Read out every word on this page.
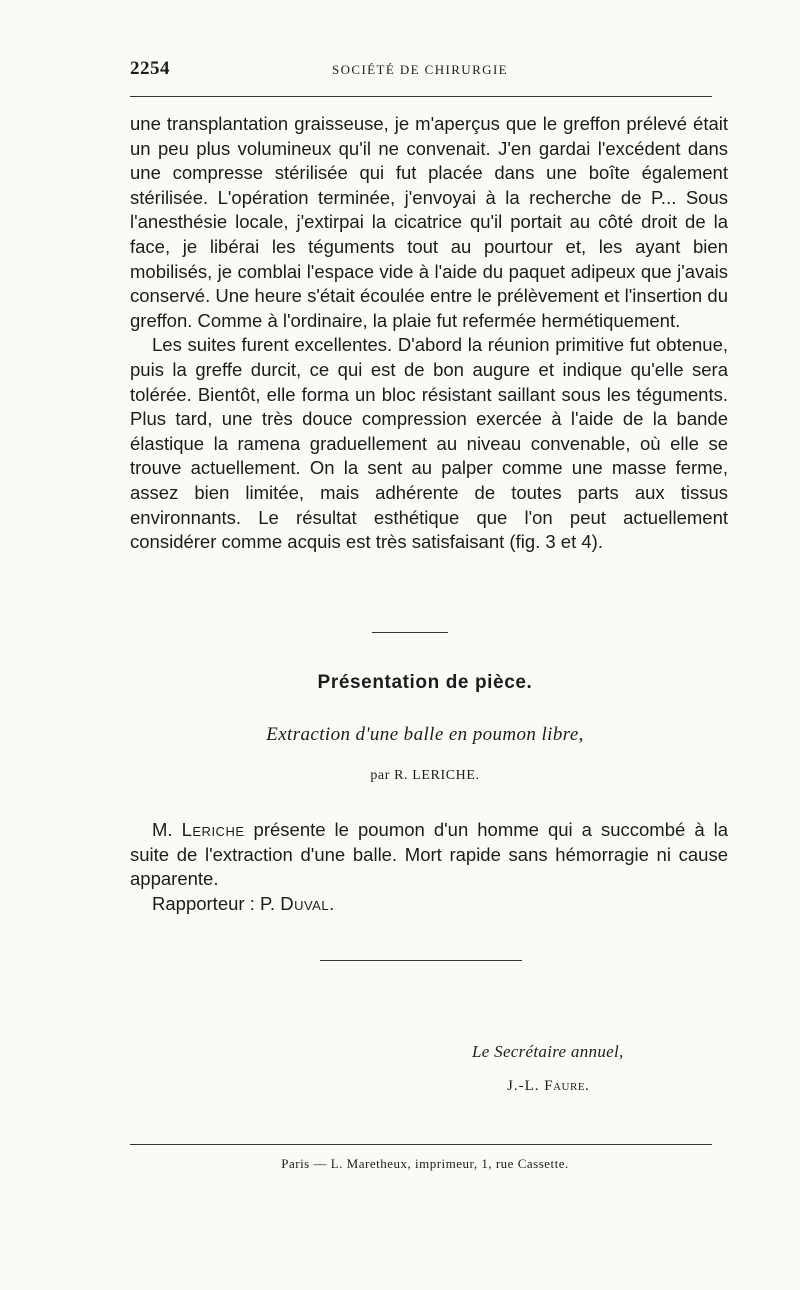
2254	SOCIÉTÉ DE CHIRURGIE

une transplantation graisseuse, je m'aperçus que le greffon prélevé était un peu plus volumineux qu'il ne convenait. J'en gardai l'excédent dans une compresse stérilisée qui fut placée dans une boîte également stérilisée. L'opération terminée, j'envoyai à la recherche de P... Sous l'anesthésie locale, j'extirpai la cicatrice qu'il portait au côté droit de la face, je libérai les téguments tout au pourtour et, les ayant bien mobilisés, je comblai l'espace vide à l'aide du paquet adipeux que j'avais conservé. Une heure s'était écoulée entre le prélèvement et l'insertion du greffon. Comme à l'ordinaire, la plaie fut refermée hermétiquement.

Les suites furent excellentes. D'abord la réunion primitive fut obtenue, puis la greffe durcit, ce qui est de bon augure et indique qu'elle sera tolérée. Bientôt, elle forma un bloc résistant saillant sous les téguments. Plus tard, une très douce compression exercée à l'aide de la bande élastique la ramena graduellement au niveau convenable, où elle se trouve actuellement. On la sent au palper comme une masse ferme, assez bien limitée, mais adhérente de toutes parts aux tissus environnants. Le résultat esthétique que l'on peut actuellement considérer comme acquis est très satisfaisant (fig. 3 et 4).

Présentation de pièce.
Extraction d'une balle en poumon libre,
par R. LERICHE.

M. Leriche présente le poumon d'un homme qui a succombé à la suite de l'extraction d'une balle. Mort rapide sans hémorragie ni cause apparente.

Rapporteur : P. Duval.

Le Secrétaire annuel,
J.-L. Faure.
Paris — L. Maretheux, imprimeur, 1, rue Cassette.
